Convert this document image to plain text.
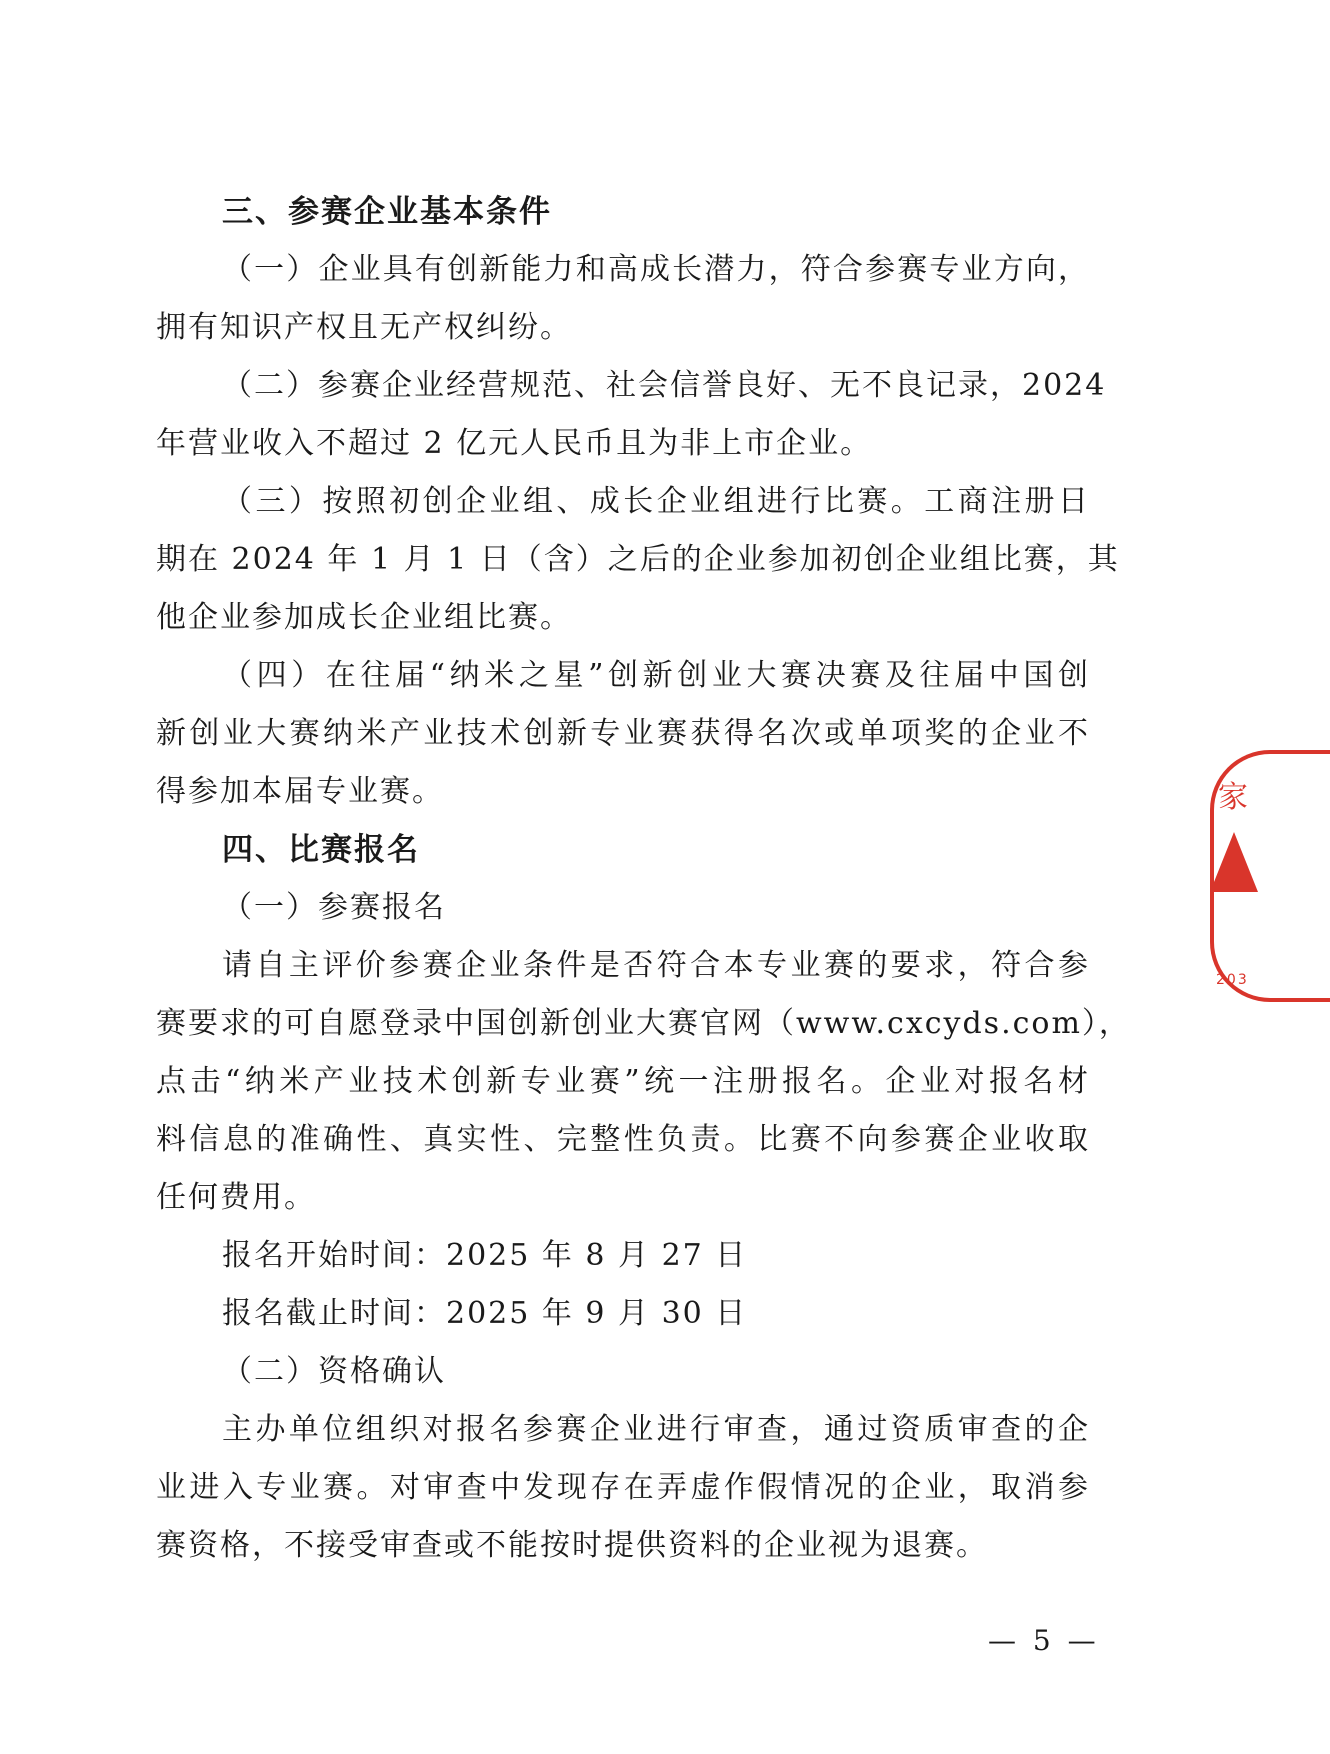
三、参赛企业基本条件
（一）企业具有创新能力和高成长潜力，符合参赛专业方向，
拥有知识产权且无产权纠纷。
（二）参赛企业经营规范、社会信誉良好、无不良记录，2024
年营业收入不超过 2 亿元人民币且为非上市企业。
（三）按照初创企业组、成长企业组进行比赛。工商注册日
期在 2024 年 1 月 1 日（含）之后的企业参加初创企业组比赛，其
他企业参加成长企业组比赛。
（四）在往届“纳米之星”创新创业大赛决赛及往届中国创
新创业大赛纳米产业技术创新专业赛获得名次或单项奖的企业不
得参加本届专业赛。
四、比赛报名
（一）参赛报名
请自主评价参赛企业条件是否符合本专业赛的要求，符合参
赛要求的可自愿登录中国创新创业大赛官网（www.cxcyds.com），
点击“纳米产业技术创新专业赛”统一注册报名。企业对报名材
料信息的准确性、真实性、完整性负责。比赛不向参赛企业收取
任何费用。
报名开始时间：2025 年 8 月 27 日
报名截止时间：2025 年 9 月 30 日
（二）资格确认
主办单位组织对报名参赛企业进行审查，通过资质审查的企
业进入专业赛。对审查中发现存在弄虚作假情况的企业，取消参
赛资格，不接受审查或不能按时提供资料的企业视为退赛。
— 5 —
家
203
